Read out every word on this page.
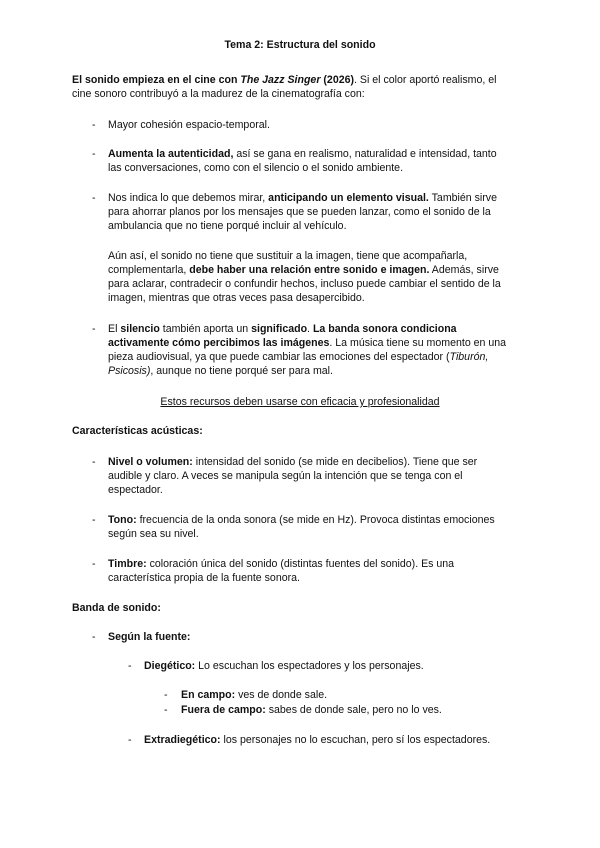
Tema 2: Estructura del sonido
El sonido empieza en el cine con The Jazz Singer (2026). Si el color aportó realismo, el
cine sonoro contribuyó a la madurez de la cinematografía con:
- Mayor cohesión espacio-temporal.
- Aumenta la autenticidad, así se gana en realismo, naturalidad e intensidad, tanto
las conversaciones, como con el silencio o el sonido ambiente.
- Nos indica lo que debemos mirar, anticipando un elemento visual. También sirve
para ahorrar planos por los mensajes que se pueden lanzar, como el sonido de la
ambulancia que no tiene porqué incluir al vehículo.
Aún así, el sonido no tiene que sustituir a la imagen, tiene que acompañarla,
complementarla, debe haber una relación entre sonido e imagen. Además, sirve
para aclarar, contradecir o confundir hechos, incluso puede cambiar el sentido de la
imagen, mientras que otras veces pasa desapercibido.
- El silencio también aporta un significado. La banda sonora condiciona
activamente cómo percibimos las imágenes. La música tiene su momento en una
pieza audiovisual, ya que puede cambiar las emociones del espectador (Tiburón,
Psicosis), aunque no tiene porqué ser para mal.
Estos recursos deben usarse con eficacia y profesionalidad
Características acústicas:
- Nivel o volumen: intensidad del sonido (se mide en decibelios). Tiene que ser
audible y claro. A veces se manipula según la intención que se tenga con el
espectador.
- Tono: frecuencia de la onda sonora (se mide en Hz). Provoca distintas emociones
según sea su nivel.
- Timbre: coloración única del sonido (distintas fuentes del sonido). Es una
característica propia de la fuente sonora.
Banda de sonido:
- Según la fuente:
- Diegético: Lo escuchan los espectadores y los personajes.
- En campo: ves de donde sale.
- Fuera de campo: sabes de donde sale, pero no lo ves.
- Extradiegético: los personajes no lo escuchan, pero sí los espectadores.
